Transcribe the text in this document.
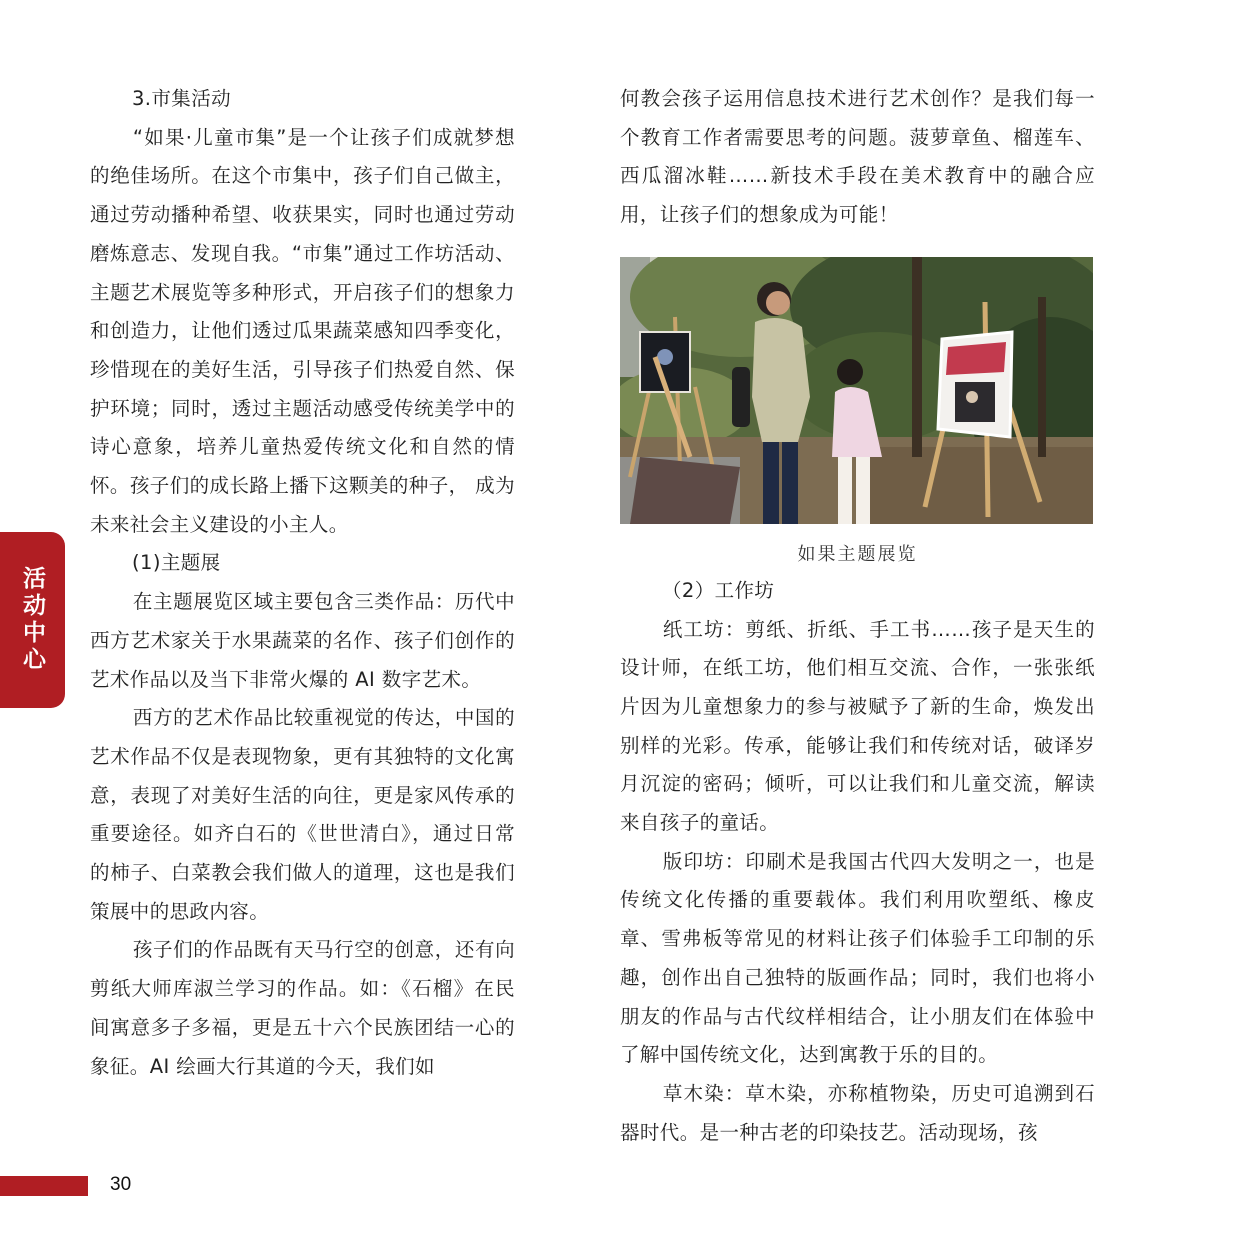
活动中心

3.市集活动

“如果·儿童市集”是一个让孩子们成就梦想的绝佳场所。在这个市集中，孩子们自己做主，通过劳动播种希望、收获果实，同时也通过劳动磨炼意志、发现自我。“市集”通过工作坊活动、主题艺术展览等多种形式，开启孩子们的想象力和创造力，让他们透过瓜果蔬菜感知四季变化，珍惜现在的美好生活，引导孩子们热爱自然、保护环境；同时，透过主题活动感受传统美学中的诗心意象，培养儿童热爱传统文化和自然的情怀。孩子们的成长路上播下这颗美的种子， 成为未来社会主义建设的小主人。

(1)主题展

在主题展览区域主要包含三类作品：历代中西方艺术家关于水果蔬菜的名作、孩子们创作的艺术作品以及当下非常火爆的 AI 数字艺术。

西方的艺术作品比较重视觉的传达，中国的艺术作品不仅是表现物象，更有其独特的文化寓意，表现了对美好生活的向往，更是家风传承的重要途径。如齐白石的《世世清白》，通过日常的柿子、白菜教会我们做人的道理，这也是我们策展中的思政内容。

孩子们的作品既有天马行空的创意，还有向剪纸大师库淑兰学习的作品。如：《石榴》在民间寓意多子多福，更是五十六个民族团结一心的象征。AI 绘画大行其道的今天，我们如

何教会孩子运用信息技术进行艺术创作？是我们每一个教育工作者需要思考的问题。菠萝章鱼、榴莲车、西瓜溜冰鞋……新技术手段在美术教育中的融合应用，让孩子们的想象成为可能！

如果主题展览

（2）工作坊

纸工坊：剪纸、折纸、手工书……孩子是天生的设计师，在纸工坊，他们相互交流、合作，一张张纸片因为儿童想象力的参与被赋予了新的生命，焕发出别样的光彩。传承，能够让我们和传统对话，破译岁月沉淀的密码；倾听，可以让我们和儿童交流，解读来自孩子的童话。

版印坊：印刷术是我国古代四大发明之一，也是传统文化传播的重要载体。我们利用吹塑纸、橡皮章、雪弗板等常见的材料让孩子们体验手工印制的乐趣，创作出自己独特的版画作品；同时，我们也将小朋友的作品与古代纹样相结合，让小朋友们在体验中了解中国传统文化，达到寓教于乐的目的。

草木染：草木染，亦称植物染，历史可追溯到石器时代。是一种古老的印染技艺。活动现场，孩

30
